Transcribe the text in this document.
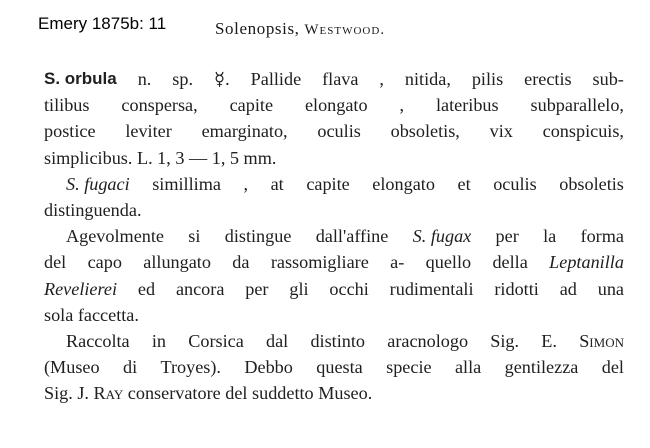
Emery 1875b: 11	Solenopsis, Westwood.
S. orbula n. sp. ☿. Pallide flava , nitida, pilis erectis sub-
tilibus conspersa, capite elongato , lateribus subparallelo,
postice leviter emarginato, oculis obsoletis, vix conspicuis,
simplicibus. L. 1, 3 — 1, 5 mm.
S. fugaci simillima , at capite elongato et oculis obsoletis
distinguenda.
Agevolmente si distingue dall'affine S. fugax per la forma
del capo allungato da rassomigliare a- quello della Leptanilla
Revelierei ed ancora per gli occhi rudimentali ridotti ad una
sola faccetta.
Raccolta in Corsica dal distinto aracnologo Sig. E. Simon
(Museo di Troyes). Debbo questa specie alla gentilezza del
Sig. J.
Ray
conservatore del suddetto Museo.
